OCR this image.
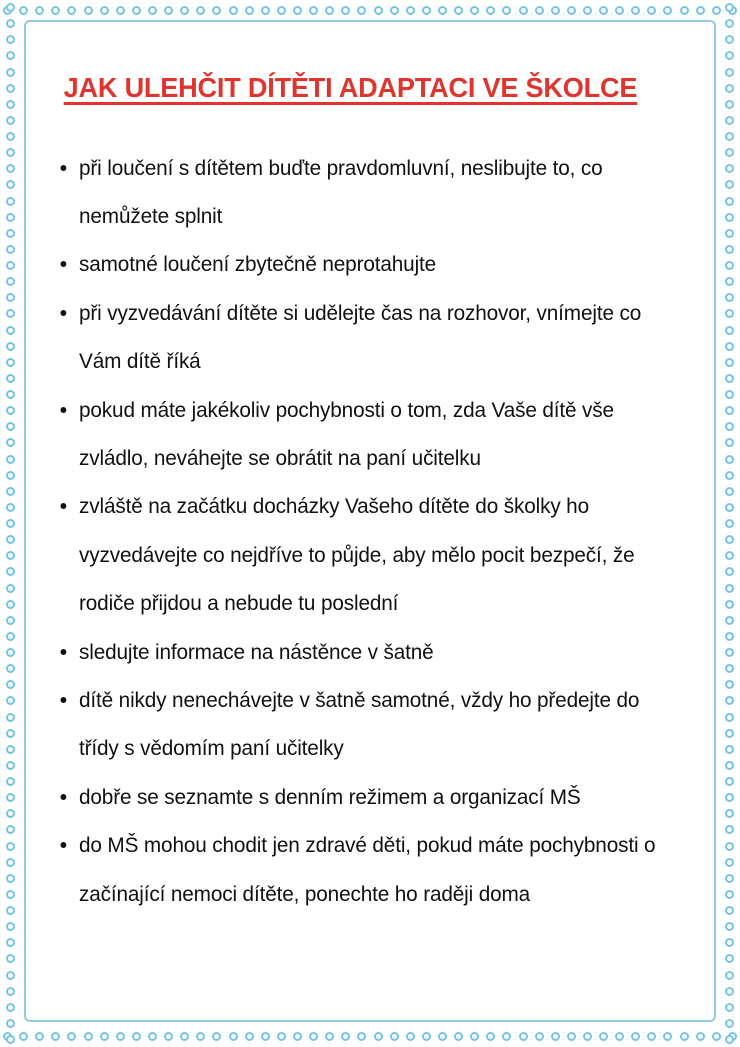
JAK ULEHČIT DÍTĚTI ADAPTACI VE ŠKOLCE
při loučení s dítětem buďte pravdomluvní, neslibujte to, co nemůžete splnit
samotné loučení zbytečně neprotahujte
při vyzvedávání dítěte si udělejte čas na rozhovor, vnímejte co Vám dítě říká
pokud máte jakékoliv pochybnosti o tom, zda Vaše dítě vše zvládlo, neváhejte se obrátit na paní učitelku
zvláště na začátku docházky Vašeho dítěte do školky ho vyzvedávejte co nejdříve to půjde, aby mělo pocit bezpečí, že rodiče přijdou a nebude tu poslední
sledujte informace na nástěnce v šatně
dítě nikdy nenechávejte v šatně samotné, vždy ho předejte do třídy s vědomím paní učitelky
dobře se seznamte s denním režimem a organizací MŠ
do MŠ mohou chodit jen zdravé děti, pokud máte pochybnosti o začínající nemoci dítěte, ponechte ho raději doma
